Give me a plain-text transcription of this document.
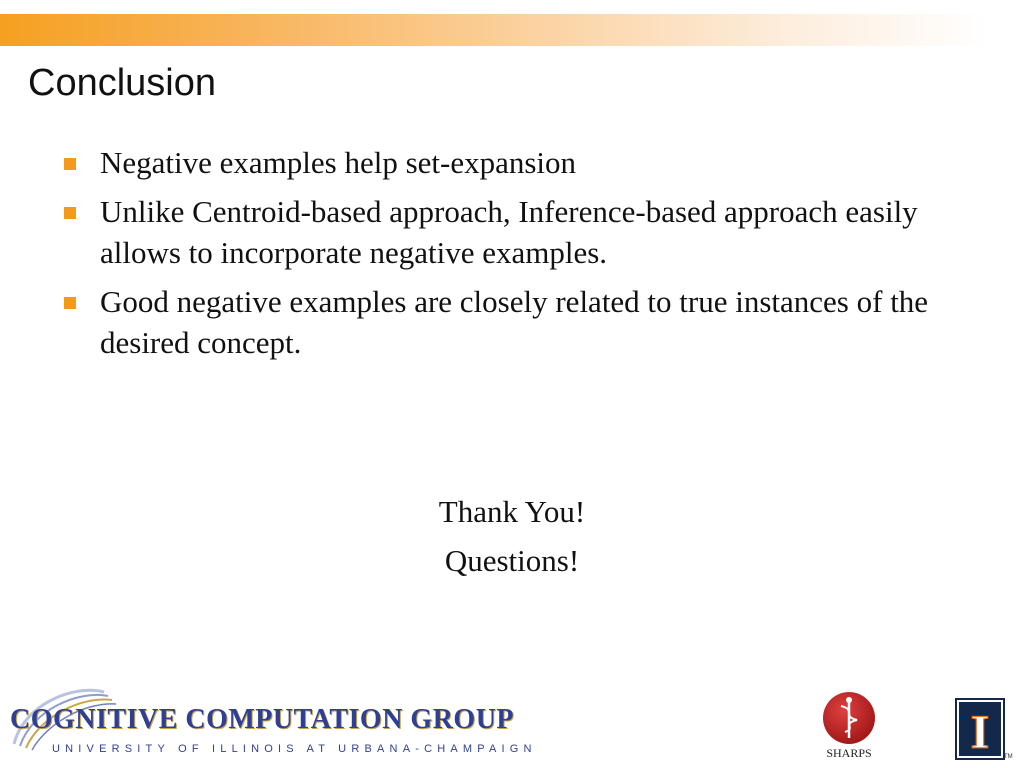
Conclusion
Negative examples help set-expansion
Unlike Centroid-based approach, Inference-based approach easily allows to incorporate negative examples.
Good negative examples are closely related to true instances of the desired concept.
Thank You!
Questions!
COGNITIVE COMPUTATION GROUP
UNIVERSITY OF ILLINOIS AT URBANA-CHAMPAIGN	SHARPS I TM
